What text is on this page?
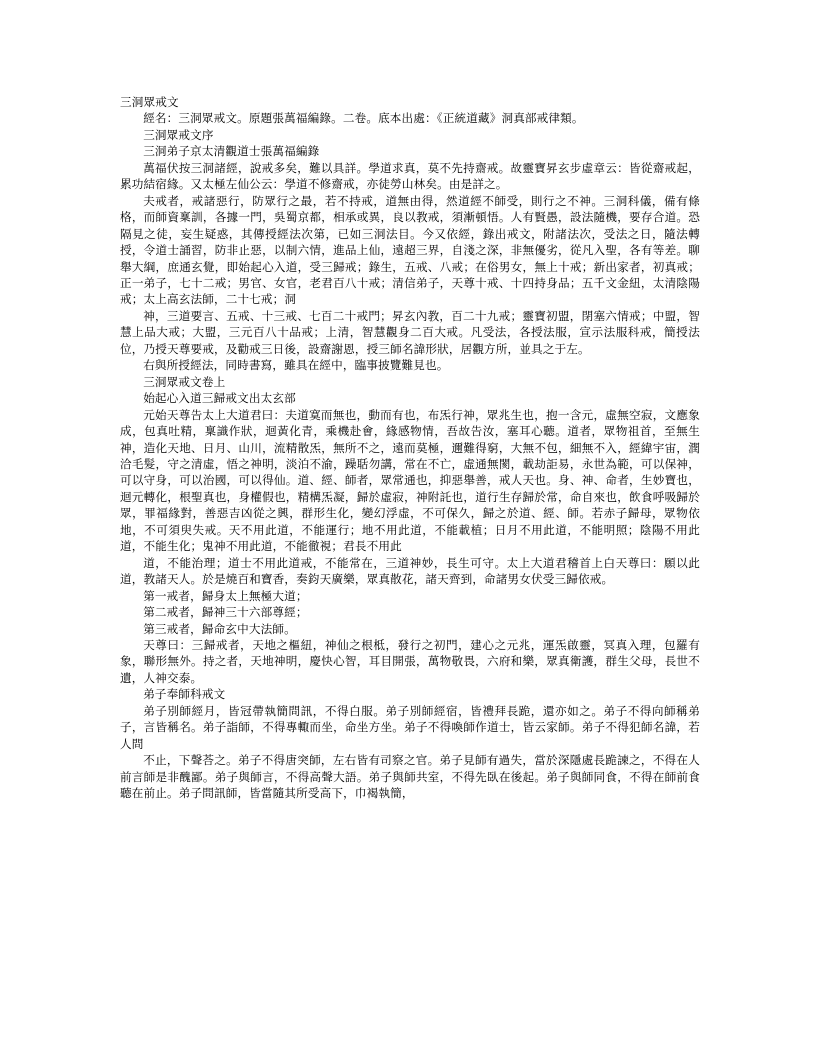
三洞眾戒文
經名：三洞眾戒文。原題張萬福編錄。二卷。底本出處：《正統道藏》洞真部戒律類。
三洞眾戒文序
三洞弟子京太清觀道士張萬福編錄
萬福伏按三洞諸經，說戒多矣，難以具詳。學道求真，莫不先持齋戒。故靈寶昇玄步虛章云：皆從齋戒起，累功結宿緣。又太極左仙公云：學道不修齋戒，亦徒勞山林矣。由是詳之。
夫戒者，戒諸惡行，防眾行之最，若不持戒，道無由得，然道經不師受，則行之不神。三洞科儀，備有條格，而師資稟訓，各據一門，吳蜀京都，相承或異，良以教戒，須漸頓悟。人有賢愚，設法隨機，要存合道。恐隔見之徒，妄生疑惑，其傳授經法次第，已如三洞法目。今又依經，錄出戒文，附諸法次，受法之日，隨法轉授，令道士誦習，防非止惡，以制六情，進品上仙，遠超三界，自淺之深，非無優劣，從凡入聖，各有等差。聊舉大綱，庶通玄覺，即始起心入道，受三歸戒；錄生，五戒、八戒；在俗男女，無上十戒；新出家者，初真戒；正一弟子，七十二戒；男官、女官，老君百八十戒；清信弟子，天尊十戒、十四持身品；五千文金紐，太清陰陽戒；太上高玄法師，二十七戒；洞
神，三道要言、五戒、十三戒、七百二十戒門；昇玄內教，百二十九戒；靈寶初盟，閉塞六情戒；中盟，智慧上品大戒；大盟，三元百八十品戒；上清，智慧觀身二百大戒。凡受法，各授法服，宣示法服科戒，簡授法位，乃授天尊要戒，及勸戒三日後，設齋謝恩，授三師名諱形狀，居觀方所，並具之于左。
右與所授經法，同時書寫，雖具在經中，臨事披覽難見也。
三洞眾戒文卷上
始起心入道三歸戒文出太玄部
元始天尊告太上大道君曰：夫道寞而無也，動而有也，布炁行神，眾兆生也，抱一含元，虛無空寂，文應象成，包真吐精，稟識作狀，迴黃化青，乘機赴會，緣感物情，吾故告汝，塞耳心聽。道者，眾物祖首，至無生神，造化天地、日月、山川，流精散炁，無所不之，遠而莫極，邇難得窮，大無不包，細無不入，經緯宇宙，潤洽毛髮，守之清虛，悟之神明，淡泊不渝，躁聒勿講，常在不亡，虛通無閡，載劫詎易，永世為範，可以保神，可以守身，可以治國，可以得仙。道、經、師者，眾常通也，抑惡舉善，戒人天也。身、神、命者，生妙寶也，迴元轉化，根聖真也，身權假也，精構炁凝，歸於虛寂，神附託也，道行生存歸於常，命自來也，飲食呼吸歸於眾，罪福緣對，善惡吉凶從之興，群形生化，變幻浮虛，不可保久，歸之於道、經、師。若赤子歸母，眾物依地，不可須臾失戒。天不用此道，不能運行；地不用此道，不能載植；日月不用此道，不能明照；陰陽不用此道，不能生化；鬼神不用此道，不能徹視；君長不用此
道，不能治理；道士不用此道戒，不能常在，三道神妙，長生可守。太上大道君稽首上白天尊曰：願以此道，教諸天人。於是燒百和寶香，奏鈞天廣樂，眾真散花，諸天齊到，命諸男女伏受三歸依戒。
第一戒者，歸身太上無極大道；
第二戒者，歸神三十六部尊經；
第三戒者，歸命玄中大法師。
天尊曰：三歸戒者，天地之樞紐，神仙之根柢，發行之初門，建心之元兆，運炁啟靈，冥真入理，包羅有象，聯形無外。持之者，天地神明，慶快心智，耳目開張，萬物敬畏，六府和樂，眾真衛護，群生父母，長世不遺，人神交泰。
弟子奉師科戒文
弟子別師經月，皆冠帶執簡問訊，不得白服。弟子別師經宿，皆禮拜長跪，還亦如之。弟子不得向師稱弟子，言皆稱名。弟子詣師，不得專輙而坐，命坐方坐。弟子不得喚師作道士，皆云家師。弟子不得犯師名諱，若人問
不止，下聲荅之。弟子不得唐突師，左右皆有司察之官。弟子見師有過失，當於深隱處長跪諫之，不得在人前言師是非醜鄙。弟子與師言，不得高聲大語。弟子與師共室，不得先臥在後起。弟子與師同食，不得在師前食聽在前止。弟子問訊師，皆當隨其所受高下，巾褐執簡，
